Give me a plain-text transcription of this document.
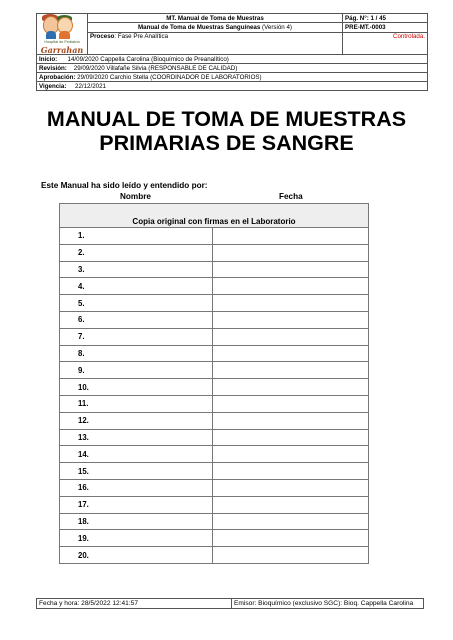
Hospital de Pediatría
Garrahan	MT. Manual de Toma de Muestras	Pág. N°: 1 / 45
	Manual de Toma de Muestras Sanguíneas (Versión 4)	PRE-MT.-0003
	Proceso: Fase Pre Analítica	Controlada.
Inicio: 14/09/2020 Cappella Carolina (Bioquímico de Preanalítico)		
Revisión: 29/09/2020 Villafañe Silvia (RESPONSABLE DE CALIDAD)		
Aprobación: 29/09/2020 Carchio Stella (COORDINADOR DE LABORATORIOS)		
Vigencia: 22/12/2021		
MANUAL DE TOMA DE MUESTRAS
PRIMARIAS DE SANGRE
Este Manual ha sido leído y entendido por:
Nombre	Fecha
Copia original con firmas en el Laboratorio	
1.	
2.	
3.	
4.	
5.	
6.	
7.	
8.	
9.	
10.	
11.	
12.	
13.	
14.	
15.	
16.	
17.	
18.	
19.	
20.	
Fecha y hora: 28/5/2022 12:41:57	Emisor: Bioquímico (exclusivo SGC): Bioq. Cappella Carolina
